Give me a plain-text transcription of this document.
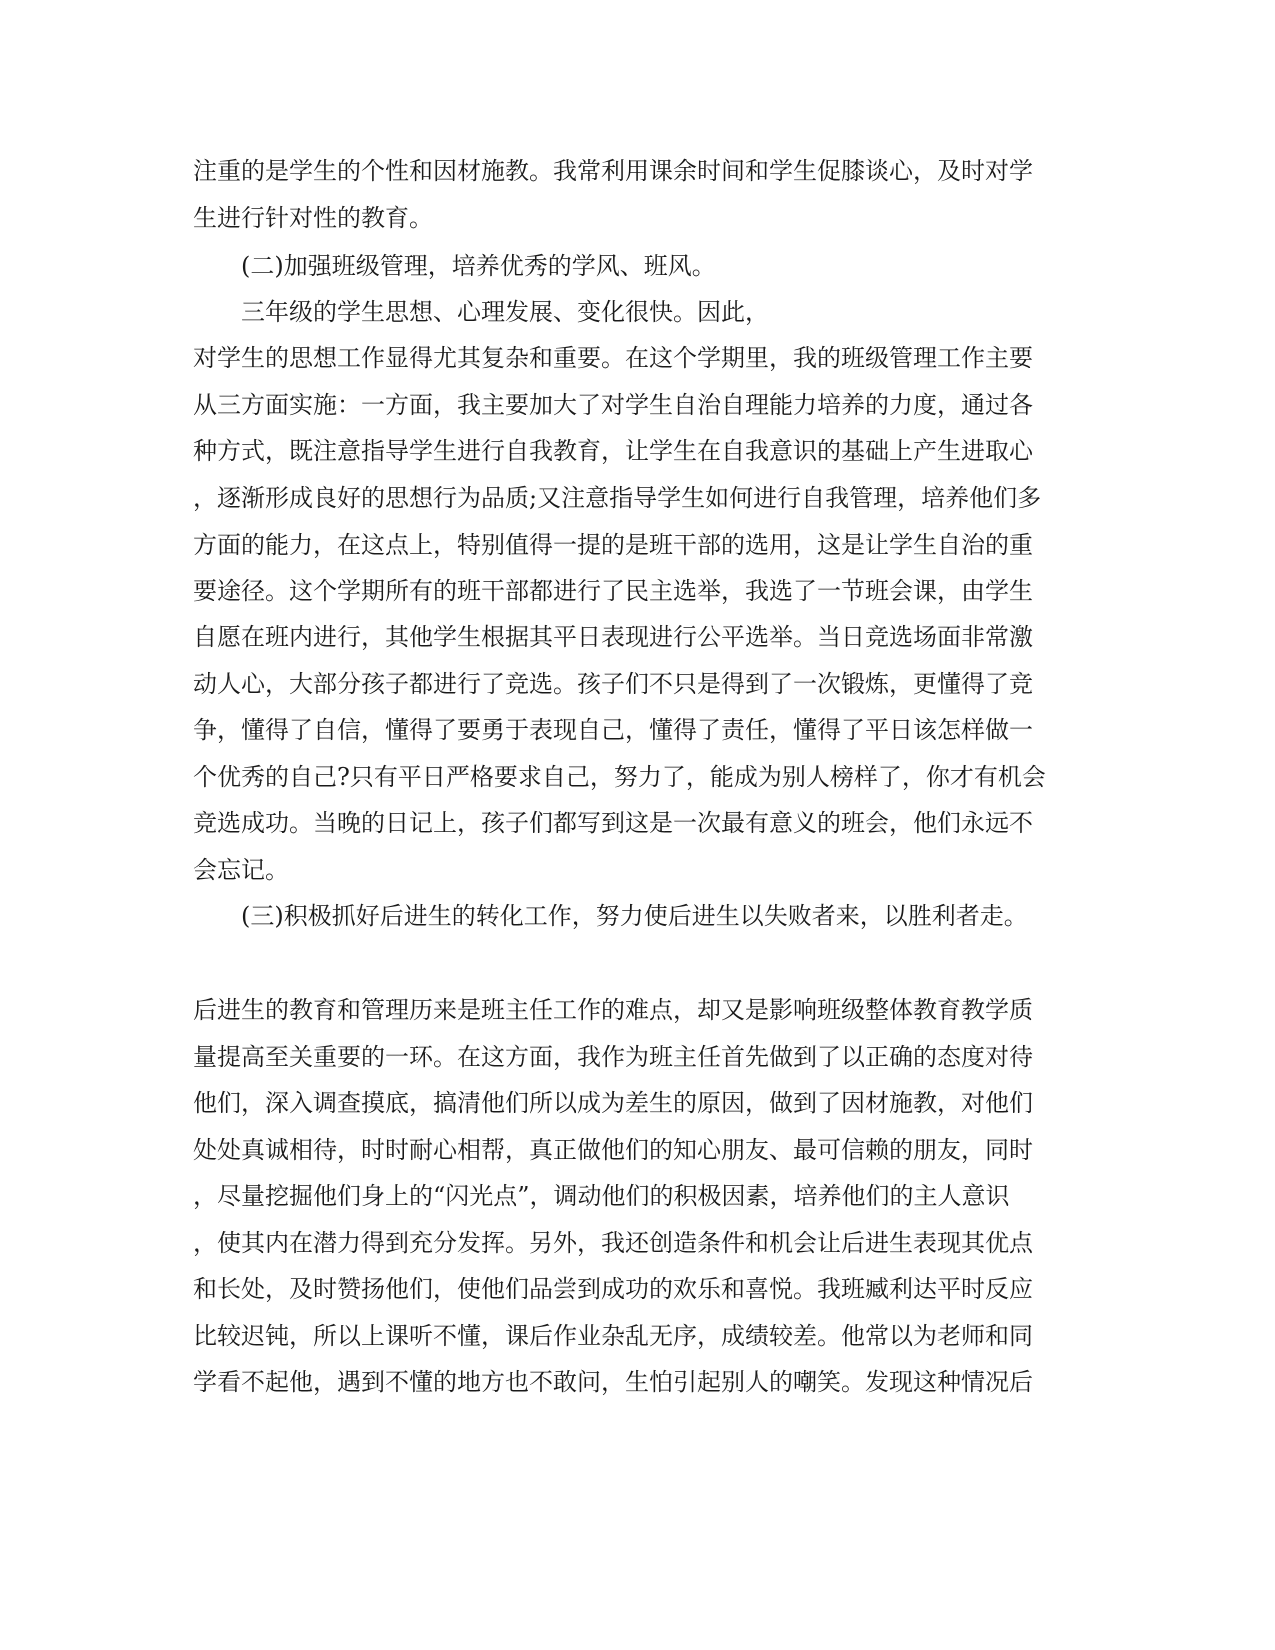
注重的是学生的个性和因材施教。我常利用课余时间和学生促膝谈心，及时对学
生进行针对性的教育。
(二)加强班级管理，培养优秀的学风、班风。
三年级的学生思想、心理发展、变化很快。因此，
对学生的思想工作显得尤其复杂和重要。在这个学期里，我的班级管理工作主要
从三方面实施：一方面，我主要加大了对学生自治自理能力培养的力度，通过各
种方式，既注意指导学生进行自我教育，让学生在自我意识的基础上产生进取心
，逐渐形成良好的思想行为品质;又注意指导学生如何进行自我管理，培养他们多
方面的能力，在这点上，特别值得一提的是班干部的选用，这是让学生自治的重
要途径。这个学期所有的班干部都进行了民主选举，我选了一节班会课，由学生
自愿在班内进行，其他学生根据其平日表现进行公平选举。当日竞选场面非常激
动人心，大部分孩子都进行了竞选。孩子们不只是得到了一次锻炼，更懂得了竞
争，懂得了自信，懂得了要勇于表现自己，懂得了责任，懂得了平日该怎样做一
个优秀的自己?只有平日严格要求自己，努力了，能成为别人榜样了，你才有机会
竞选成功。当晚的日记上，孩子们都写到这是一次最有意义的班会，他们永远不
会忘记。
(三)积极抓好后进生的转化工作，努力使后进生以失败者来，以胜利者走。
后进生的教育和管理历来是班主任工作的难点，却又是影响班级整体教育教学质
量提高至关重要的一环。在这方面，我作为班主任首先做到了以正确的态度对待
他们，深入调查摸底，搞清他们所以成为差生的原因，做到了因材施教，对他们
处处真诚相待，时时耐心相帮，真正做他们的知心朋友、最可信赖的朋友，同时
，尽量挖掘他们身上的“闪光点”，调动他们的积极因素，培养他们的主人意识
，使其内在潜力得到充分发挥。另外，我还创造条件和机会让后进生表现其优点
和长处，及时赞扬他们，使他们品尝到成功的欢乐和喜悦。我班臧利达平时反应
比较迟钝，所以上课听不懂，课后作业杂乱无序，成绩较差。他常以为老师和同
学看不起他，遇到不懂的地方也不敢问，生怕引起别人的嘲笑。发现这种情况后
